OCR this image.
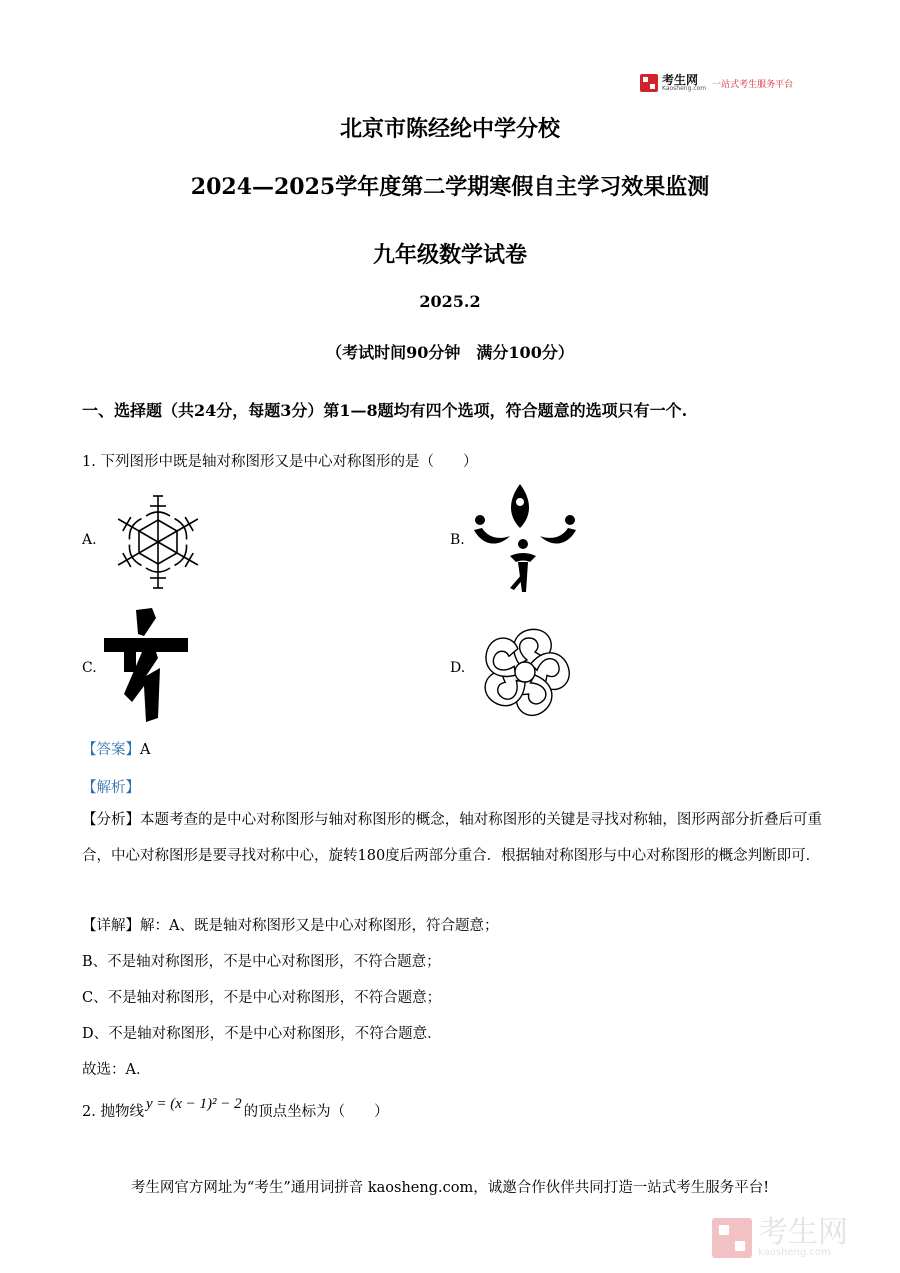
考生网
Kaosheng.com 一站式考生服务平台
北京市陈经纶中学分校
2024—2025学年度第二学期寒假自主学习效果监测
九年级数学试卷
2025.2
（考试时间90分钟　满分100分）
一、选择题（共24分，每题3分）第1—8题均有四个选项，符合题意的选项只有一个.
1. 下列图形中既是轴对称图形又是中心对称图形的是（　　）
A.	B.
C.	D.
【答案】A
【解析】
【分析】本题考查的是中心对称图形与轴对称图形的概念，轴对称图形的关键是寻找对称轴，图形两部分折叠后可重合，中心对称图形是要寻找对称中心，旋转180度后两部分重合．根据轴对称图形与中心对称图形的概念判断即可．
【详解】解：A、既是轴对称图形又是中心对称图形，符合题意；
B、不是轴对称图形，不是中心对称图形，不符合题意；
C、不是轴对称图形，不是中心对称图形，不符合题意；
D、不是轴对称图形，不是中心对称图形，不符合题意．
故选：A．
2. 抛物线 y = (x − 1)² − 2 的顶点坐标为（　　）
考生网官方网址为“考生”通用词拼音 kaosheng.com，诚邀合作伙伴共同打造一站式考生服务平台!
考生网
kaosheng.com
